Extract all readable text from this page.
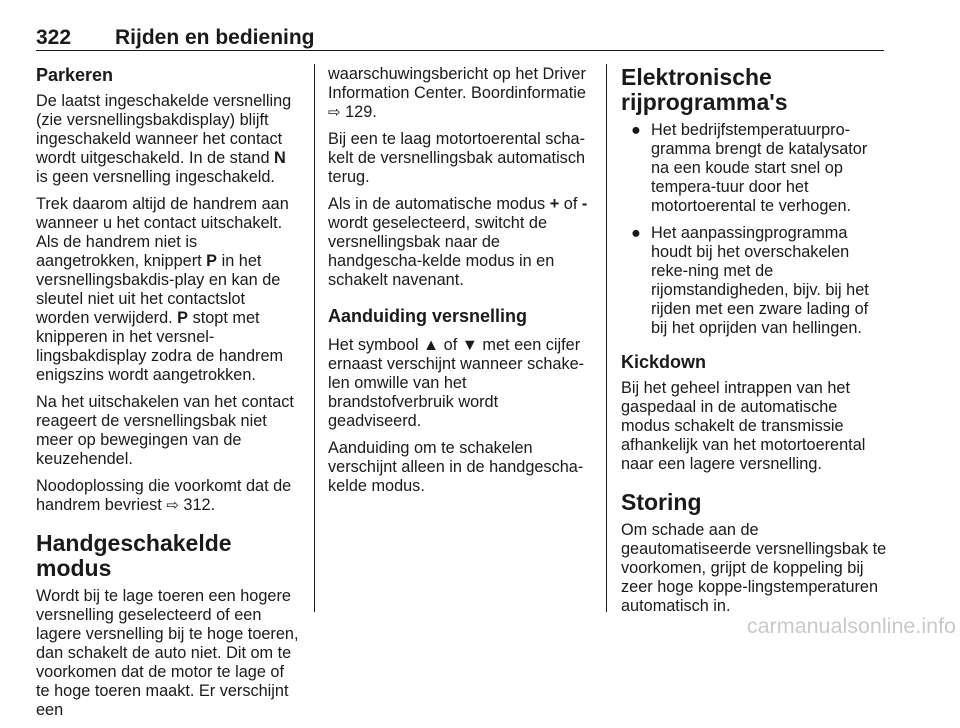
322 Rijden en bediening
Parkeren

De laatst ingeschakelde versnelling (zie versnellingsbakdisplay) blijft ingeschakeld wanneer het contact wordt uitgeschakeld. In de stand N is geen versnelling ingeschakeld.

Trek daarom altijd de handrem aan wanneer u het contact uitschakelt. Als de handrem niet is aangetrokken, knippert P in het versnellingsbakdis-play en kan de sleutel niet uit het contactslot worden verwijderd. P stopt met knipperen in het versnel-lingsbakdisplay zodra de handrem enigszins wordt aangetrokken.

Na het uitschakelen van het contact reageert de versnellingsbak niet meer op bewegingen van de keuzehendel.

Noodoplossing die voorkomt dat de handrem bevriest ⇨ 312.

Handgeschakelde modus

Wordt bij te lage toeren een hogere versnelling geselecteerd of een lagere versnelling bij te hoge toeren, dan schakelt de auto niet. Dit om te voorkomen dat de motor te lage of te hoge toeren maakt. Er verschijnt een

waarschuwingsbericht op het Driver Information Center. Boordinformatie ⇨ 129.

Bij een te laag motortoerental scha-kelt de versnellingsbak automatisch terug.

Als in de automatische modus + of - wordt geselecteerd, switcht de versnellingsbak naar de handgescha-kelde modus in en schakelt navenant.

Aanduiding versnelling

Het symbool ▲ of ▼ met een cijfer ernaast verschijnt wanneer schake-len omwille van het brandstofverbruik wordt geadviseerd.

Aanduiding om te schakelen verschijnt alleen in de handgescha-kelde modus.

Elektronische rijprogramma's
● Het bedrijfstemperatuurpro-gramma brengt de katalysator na een koude start snel op tempera-tuur door het motortoerental te verhogen.
● Het aanpassingprogramma houdt bij het overschakelen reke-ning met de rijomstandigheden, bijv. bij het rijden met een zware lading of bij het oprijden van hellingen.
Kickdown

Bij het geheel intrappen van het gaspedaal in de automatische modus schakelt de transmissie afhankelijk van het motortoerental naar een lagere versnelling.

Storing

Om schade aan de geautomatiseerde versnellingsbak te voorkomen, grijpt de koppeling bij zeer hoge koppe-lingstemperaturen automatisch in.

carmanualsonline.info
